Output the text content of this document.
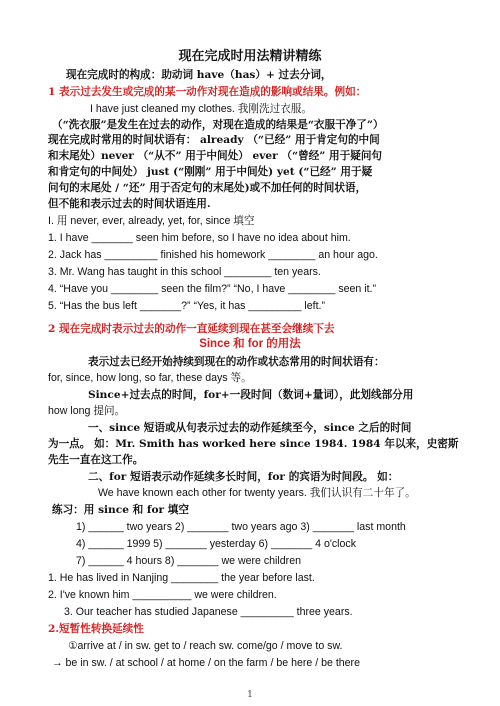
现在完成时用法精讲精练
现在完成时的构成：助动词 have（has）+ 过去分词，
1 表示过去发生或完成的某一动作对现在造成的影响或结果。例如：
I have just cleaned my clothes. 我刚洗过衣服。
（“洗衣服”是发生在过去的动作，对现在造成的结果是“衣服干净了”）
现在完成时常用的时间状语有： already （“已经” 用于肯定句的中间
和末尾处）never （“从不” 用于中间处） ever （“曾经” 用于疑问句
和肯定句的中间处） just (“刚刚” 用于中间处) yet (“已经” 用于疑
问句的末尾处 / “还” 用于否定句的末尾处)或不加任何的时间状语，
但不能和表示过去的时间状语连用.
I. 用 never, ever, already, yet, for, since 填空
1. I have _______ seen him before, so I have no idea about him.
2. Jack has _________ finished his homework ________ an hour ago.
3. Mr. Wang has taught in this school ________ ten years.
4. “Have you ________ seen the film?” “No, I have ________ seen it.”
5. “Has the bus left _______?” “Yes, it has _________ left.”
2 现在完成时表示过去的动作一直延续到现在甚至会继续下去
Since 和 for 的用法
表示过去已经开始持续到现在的动作或状态常用的时间状语有：
for, since, how long, so far, these days 等。
Since+过去点的时间，for+一段时间（数词+量词），此划线部分用
how long 提问。
一、since 短语或从句表示过去的动作延续至今，since 之后的时间
为一点。 如：Mr. Smith has worked here since 1984. 1984 年以来，史密斯
先生一直在这工作。
二、for 短语表示动作延续多长时间，for 的宾语为时间段。 如：
We have known each other for twenty years. 我们认识有二十年了。
练习：用 since 和 for 填空
1) ______ two years 2) _______ two years ago 3) _______ last month
4) ______ 1999 5) _______ yesterday 6) _______ 4 o'clock
7) ______ 4 hours 8) _______ we were children
1. He has lived in Nanjing ________ the year before last.
2. I've known him __________ we were children.
3. Our teacher has studied Japanese _________ three years.
2.短暂性转换延续性
①arrive at / in sw. get to / reach sw. come/go / move to sw.
→ be in sw. / at school / at home / on the farm / be here / be there
1
